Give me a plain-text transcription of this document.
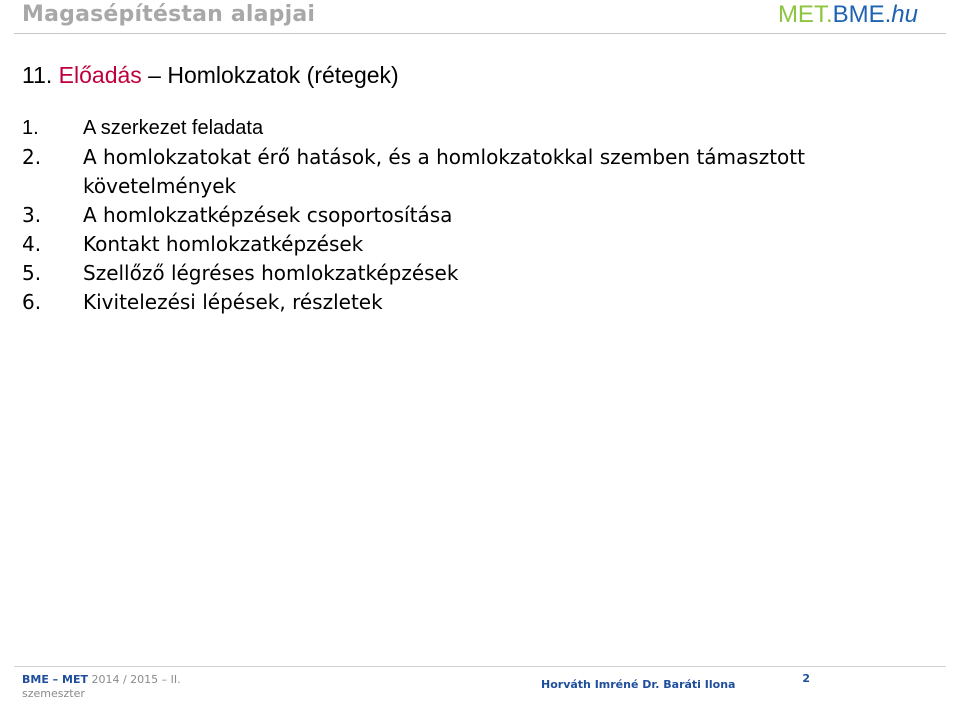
Magasépítéstan alapjai	MET.BME.hu
11. Előadás – Homlokzatok (rétegek)
1.	A szerkezet feladata
2.	A homlokzatokat érő hatások, és a homlokzatokkal szemben támasztott követelmények
3.	A homlokzatképzések csoportosítása
4.	Kontakt homlokzatképzések
5.	Szellőző légréses homlokzatképzések
6.	Kivitelezési lépések, részletek
BME – MET 2014 / 2015 – II.
szemeszter
Horváth Imréné Dr. Baráti Ilona	2
